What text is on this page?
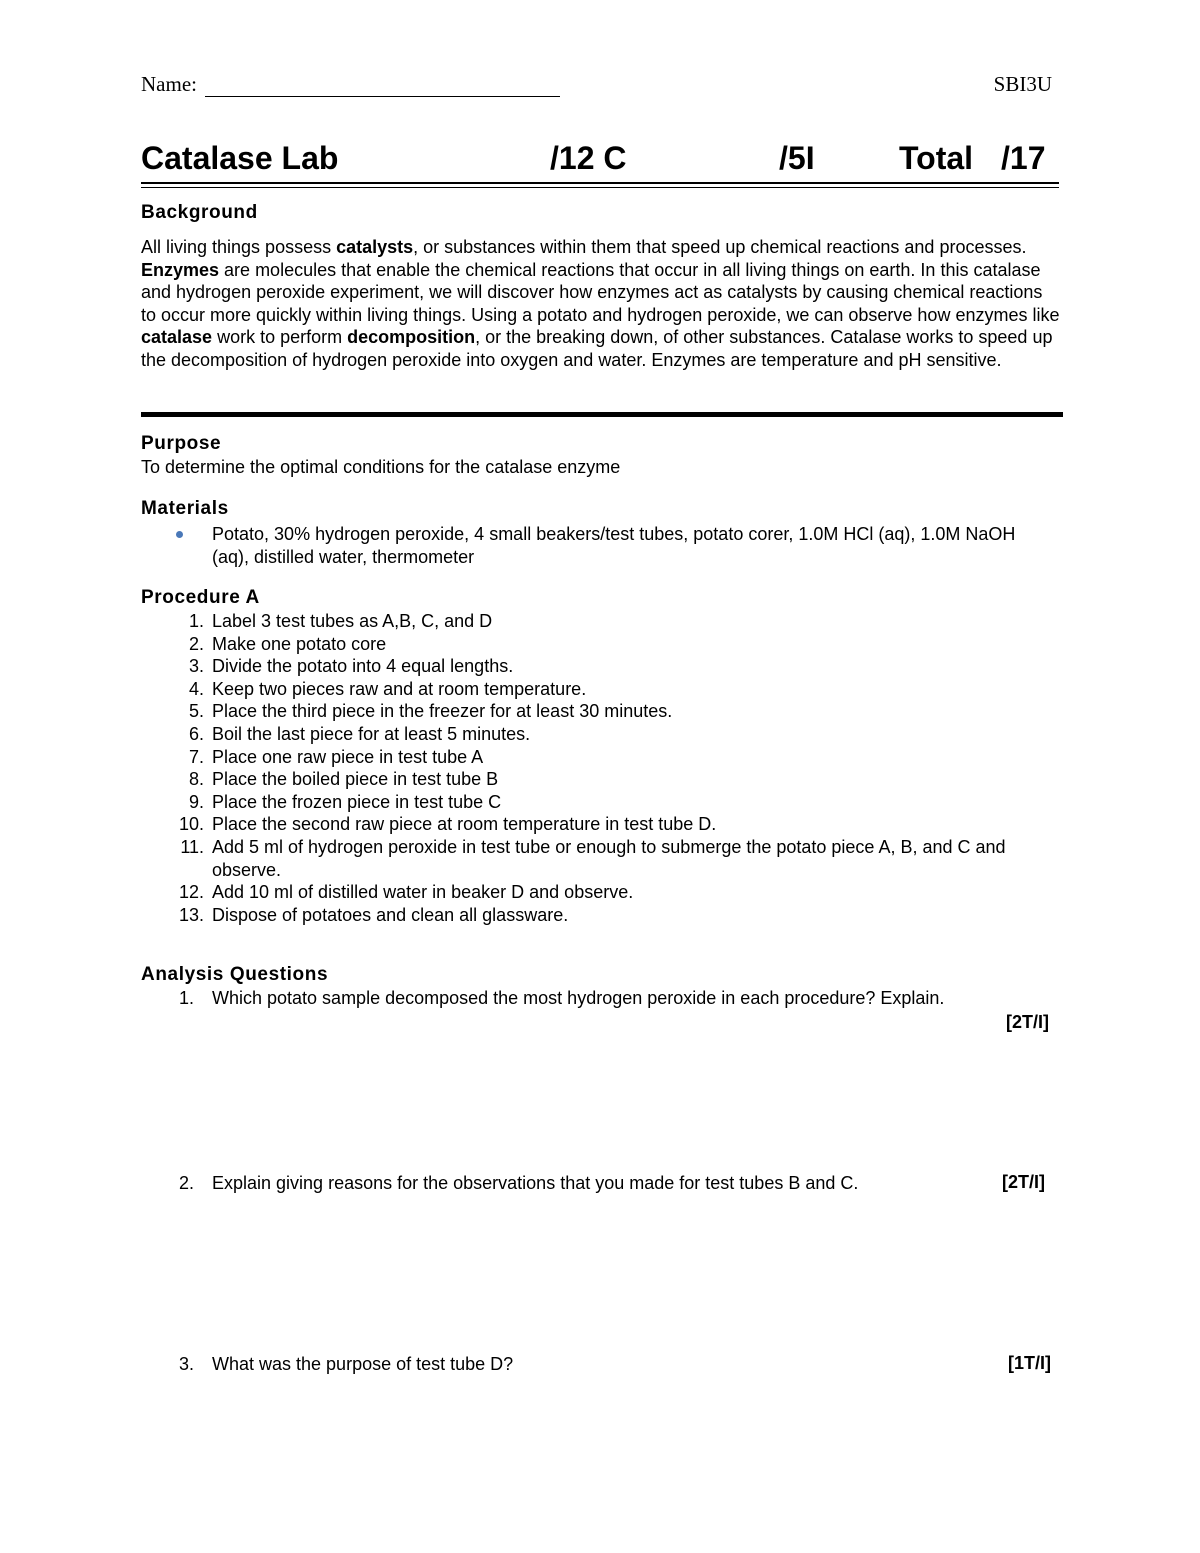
Name:	SBI3U
Catalase Lab	/12 C	/5I	Total /17
Background

All living things possess catalysts, or substances within them that speed up chemical reactions and processes. Enzymes are molecules that enable the chemical reactions that occur in all living things on earth. In this catalase and hydrogen peroxide experiment, we will discover how enzymes act as catalysts by causing chemical reactions to occur more quickly within living things. Using a potato and hydrogen peroxide, we can observe how enzymes like catalase work to perform decomposition, or the breaking down, of other substances. Catalase works to speed up the decomposition of hydrogen peroxide into oxygen and water. Enzymes are temperature and pH sensitive.

Purpose

To determine the optimal conditions for the catalase enzyme

Materials

Potato, 30% hydrogen peroxide, 4 small beakers/test tubes, potato corer, 1.0M HCl (aq), 1.0M NaOH (aq), distilled water, thermometer

Procedure A
1. Label 3 test tubes as A,B, C, and D
2. Make one potato core
3. Divide the potato into 4 equal lengths.
4. Keep two pieces raw and at room temperature.
5. Place the third piece in the freezer for at least 30 minutes.
6. Boil the last piece for at least 5 minutes.
7. Place one raw piece in test tube A
8. Place the boiled piece in test tube B
9. Place the frozen piece in test tube C
10. Place the second raw piece at room temperature in test tube D.
11. Add 5 ml of hydrogen peroxide in test tube or enough to submerge the potato piece A, B, and C and observe.
12. Add 10 ml of distilled water in beaker D and observe.
13. Dispose of potatoes and clean all glassware.
Analysis Questions
1. Which potato sample decomposed the most hydrogen peroxide in each procedure? Explain.
[2T/I]
2. Explain giving reasons for the observations that you made for test tubes B and C.	[2T/I]
3. What was the purpose of test tube D?	[1T/I]
